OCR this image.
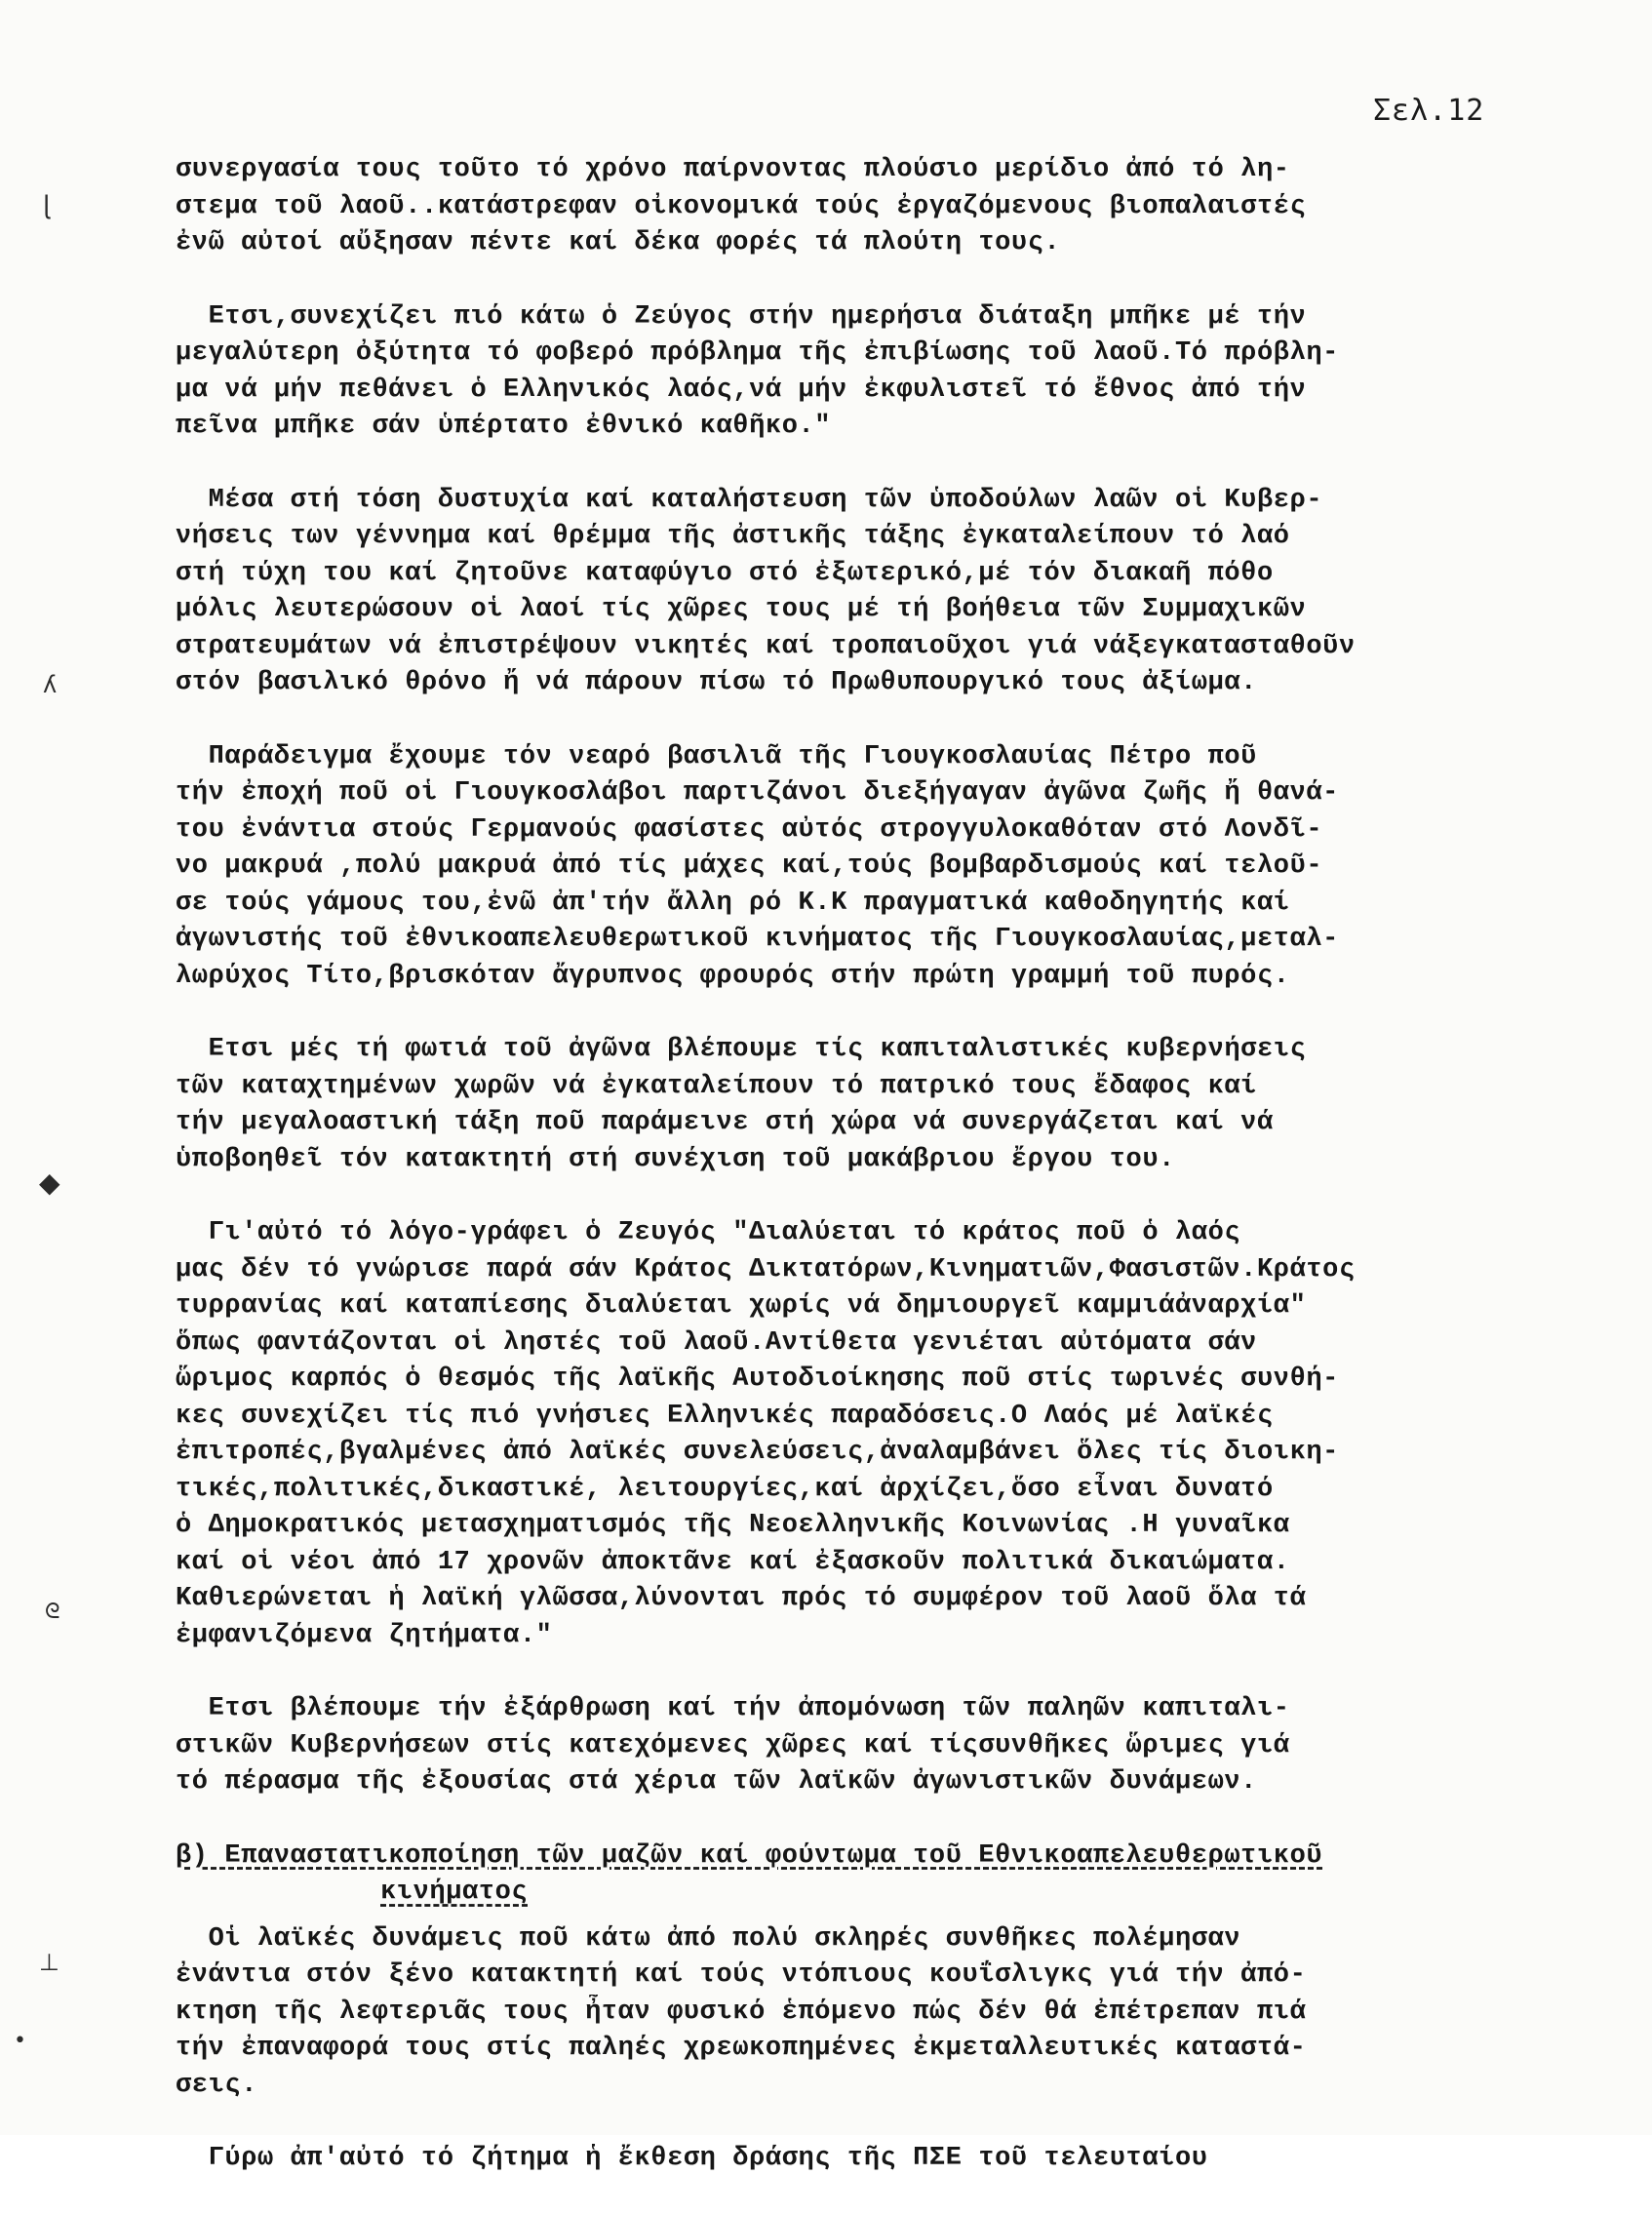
Σελ.12
ɭ
ʎ
◆
ᘓ
⊥
•
συνεργασία τους τοῦτο τό χρόνο παίρνοντας πλούσιο μερίδιο ἀπό τό λη-
στεμα τοῦ λαοῦ..κατάστρεφαν οἰκονομικά τούς ἐργαζόμενους βιοπαλαιστές
ἐνῶ αὐτοί αὔξησαν πέντε καί δέκα φορές τά πλούτη τους.
Ετσι,συνεχίζει πιό κάτω ὁ Ζεύγος στήν ημερήσια διάταξη μπῆκε μέ τήν
μεγαλύτερη ὀξύτητα τό φοβερό πρόβλημα τῆς ἐπιβίωσης τοῦ λαοῦ.Τό πρόβλη-
μα νά μήν πεθάνει ὁ Ελληνικός λαός,νά μήν ἐκφυλιστεῖ τό ἔθνος ἀπό τήν
πεῖνα μπῆκε σάν ὑπέρτατο ἐθνικό καθῆκο."
Μέσα στή τόση δυστυχία καί καταλήστευση τῶν ὑποδούλων λαῶν οἱ Κυβερ-
νήσεις των γέννημα καί θρέμμα τῆς ἀστικῆς τάξης ἐγκαταλείπουν τό λαό
στή τύχη του καί ζητοῦνε καταφύγιο στό ἐξωτερικό,μέ τόν διακαῆ πόθο
μόλις λευτερώσουν οἱ λαοί τίς χῶρες τους μέ τή βοήθεια τῶν Συμμαχικῶν
στρατευμάτων νά ἐπιστρέψουν νικητές καί τροπαιοῦχοι γιά νάξεγκατασταθοῦν
στόν βασιλικό θρόνο ἤ νά πάρουν πίσω τό Πρωθυπουργικό τους ἀξίωμα.
Παράδειγμα ἔχουμε τόν νεαρό βασιλιᾶ τῆς Γιουγκοσλαυίας Πέτρο ποῦ
τήν ἐποχή ποῦ οἱ Γιουγκοσλάβοι παρτιζάνοι διεξήγαγαν ἀγῶνα ζωῆς ἤ θανά-
του ἐνάντια στούς Γερμανούς φασίστες αὐτός στρογγυλοκαθόταν στό Λονδῖ-
νο μακρυά ,πολύ μακρυά ἀπό τίς μάχες καί,τούς βομβαρδισμούς καί τελοῦ-
σε τούς γάμους του,ἐνῶ ἀπ'τήν ἄλλη ρό Κ.Κ πραγματικά καθοδηγητής καί
ἀγωνιστής τοῦ ἐθνικοαπελευθερωτικοῦ κινήματος τῆς Γιουγκοσλαυίας,μεταλ-
λωρύχος Τίτο,βρισκόταν ἄγρυπνος φρουρός στήν πρώτη γραμμή τοῦ πυρός.
Ετσι μές τή φωτιά τοῦ ἀγῶνα βλέπουμε τίς καπιταλιστικές κυβερνήσεις
τῶν καταχτημένων χωρῶν νά ἐγκαταλείπουν τό πατρικό τους ἔδαφος καί
τήν μεγαλοαστική τάξη ποῦ παράμεινε στή χώρα νά συνεργάζεται καί νά
ὑποβοηθεῖ τόν κατακτητή στή συνέχιση τοῦ μακάβριου ἔργου του.
Γι'αὐτό τό λόγο-γράφει ὁ Ζευγός "Διαλύεται τό κράτος ποῦ ὁ λαός
μας δέν τό γνώρισε παρά σάν Κράτος Δικτατόρων,Κινηματιῶν,Φασιστῶν.Κράτος
τυρρανίας καί καταπίεσης διαλύεται χωρίς νά δημιουργεῖ καμμιάἀναρχία"
ὅπως φαντάζονται οἱ ληστές τοῦ λαοῦ.Αντίθετα γενιέται αὐτόματα σάν
ὥριμος καρπός ὁ θεσμός τῆς λαϊκῆς Αυτοδιοίκησης ποῦ στίς τωρινές συνθή-
κες συνεχίζει τίς πιό γνήσιες Ελληνικές παραδόσεις.Ο Λαός μέ λαϊκές
ἐπιτροπές,βγαλμένες ἀπό λαϊκές συνελεύσεις,ἀναλαμβάνει ὅλες τίς διοικη-
τικές,πολιτικές,δικαστικέ, λειτουργίες,καί ἀρχίζει,ὅσο εἶναι δυνατό
ὁ Δημοκρατικός μετασχηματισμός τῆς Νεοελληνικῆς Κοινωνίας .Η γυναῖκα
καί οἱ νέοι ἀπό 17 χρονῶν ἀποκτᾶνε καί ἐξασκοῦν πολιτικά δικαιώματα.
Καθιερώνεται ἡ λαϊκή γλῶσσα,λύνονται πρός τό συμφέρον τοῦ λαοῦ ὅλα τά
ἐμφανιζόμενα ζητήματα."
Ετσι βλέπουμε τήν ἐξάρθρωση καί τήν ἀπομόνωση τῶν παληῶν καπιταλι-
στικῶν Κυβερνήσεων στίς κατεχόμενες χῶρες καί τίςσυνθῆκες ὥριμες γιά
τό πέρασμα τῆς ἐξουσίας στά χέρια τῶν λαϊκῶν ἀγωνιστικῶν δυνάμεων.
β) Επαναστατικοποίηση τῶν μαζῶν καί φούντωμα τοῦ Εθνικοαπελευθερωτικοῦ
κινήματος
Οἱ λαϊκές δυνάμεις ποῦ κάτω ἀπό πολύ σκληρές συνθῆκες πολέμησαν
ἐνάντια στόν ξένο κατακτητή καί τούς ντόπιους κουΐσλιγκς γιά τήν ἀπό-
κτηση τῆς λεφτεριᾶς τους ἦταν φυσικό ἑπόμενο πώς δέν θά ἐπέτρεπαν πιά
τήν ἐπαναφορά τους στίς παληές χρεωκοπημένες ἐκμεταλλευτικές καταστά-
σεις.
Γύρω ἀπ'αὐτό τό ζήτημα ἡ ἔκθεση δράσης τῆς ΠΣΕ τοῦ τελευταίου
